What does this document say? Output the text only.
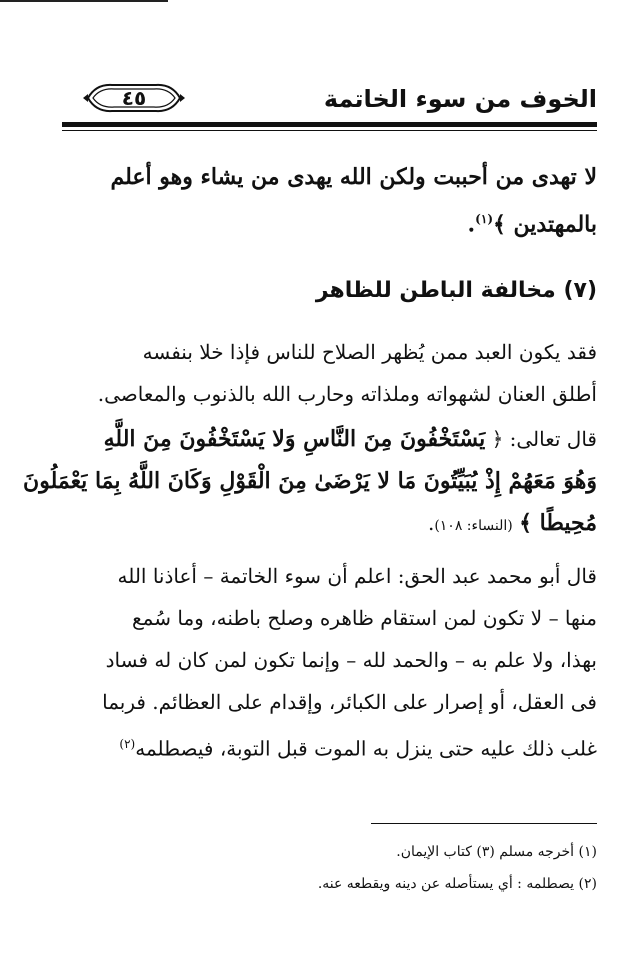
٤٥	الخوف من سوء الخاتمة
لا تهدى من أحببت ولكن الله يهدى من يشاء وهو أعلم
بالمهتدين ﴾$^{(١)}$.
(٧) مخالفة الباطن للظاهر
فقد يكون العبد ممن يُظهر الصلاح للناس فإذا خلا بنفسه
أطلق العنان لشهواته وملذاته وحارب الله بالذنوب والمعاصى.
قال تعالى: ﴿ يَسْتَخْفُونَ مِنَ النَّاسِ وَلا يَسْتَخْفُونَ مِنَ اللَّهِ
وَهُوَ مَعَهُمْ إِذْ يُبَيِّتُونَ مَا لا يَرْضَىٰ مِنَ الْقَوْلِ وَكَانَ اللَّهُ بِمَا يَعْمَلُونَ
مُحِيطًا ﴾ (النساء: ١٠٨).
قال أبو محمد عبد الحق: اعلم أن سوء الخاتمة – أعاذنا الله
منها – لا تكون لمن استقام ظاهره وصلح باطنه، وما سُمع
بهذا، ولا علم به – والحمد لله – وإنما تكون لمن كان له فساد
فى العقل، أو إصرار على الكبائر، وإقدام على العظائم. فربما
غلب ذلك عليه حتى ينزل به الموت قبل التوبة، فيصطلمه$^{(٢)}$
(١) أخرجه مسلم (٣) كتاب الإيمان.
(٢) يصطلمه : أي يستأصله عن دينه ويقطعه عنه.
